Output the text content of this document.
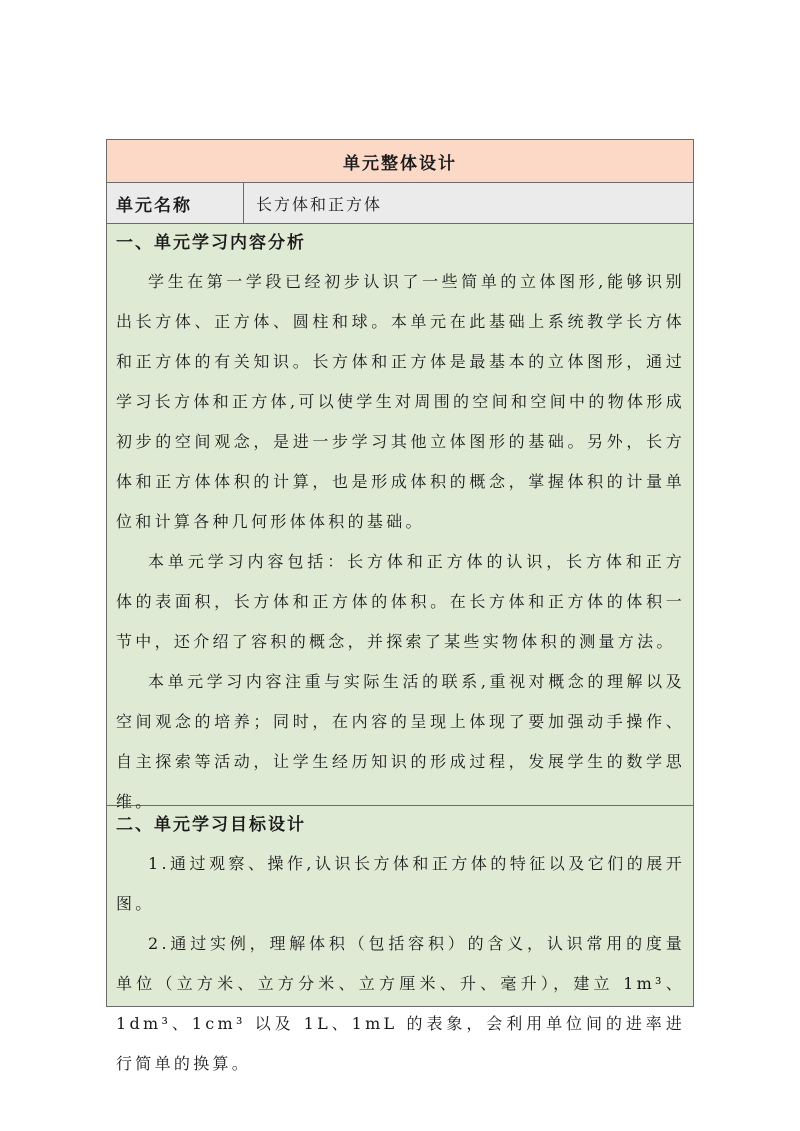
单元整体设计
单元名称	长方体和正方体
一、单元学习内容分析

学生在第一学段已经初步认识了一些简单的立体图形,能够识别出长方体、正方体、圆柱和球。本单元在此基础上系统教学长方体和正方体的有关知识。长方体和正方体是最基本的立体图形，通过学习长方体和正方体,可以使学生对周围的空间和空间中的物体形成初步的空间观念，是进一步学习其他立体图形的基础。另外，长方体和正方体体积的计算，也是形成体积的概念，掌握体积的计量单位和计算各种几何形体体积的基础。

本单元学习内容包括：长方体和正方体的认识，长方体和正方体的表面积，长方体和正方体的体积。在长方体和正方体的体积一节中，还介绍了容积的概念，并探索了某些实物体积的测量方法。

本单元学习内容注重与实际生活的联系,重视对概念的理解以及空间观念的培养；同时，在内容的呈现上体现了要加强动手操作、自主探索等活动，让学生经历知识的形成过程，发展学生的数学思维。

二、单元学习目标设计

1.通过观察、操作,认识长方体和正方体的特征以及它们的展开图。

2.通过实例，理解体积（包括容积）的含义，认识常用的度量单位（立方米、立方分米、立方厘米、升、毫升），建立 1m³、1dm³、1cm³ 以及 1L、1mL 的表象，会利用单位间的进率进行简单的换算。
